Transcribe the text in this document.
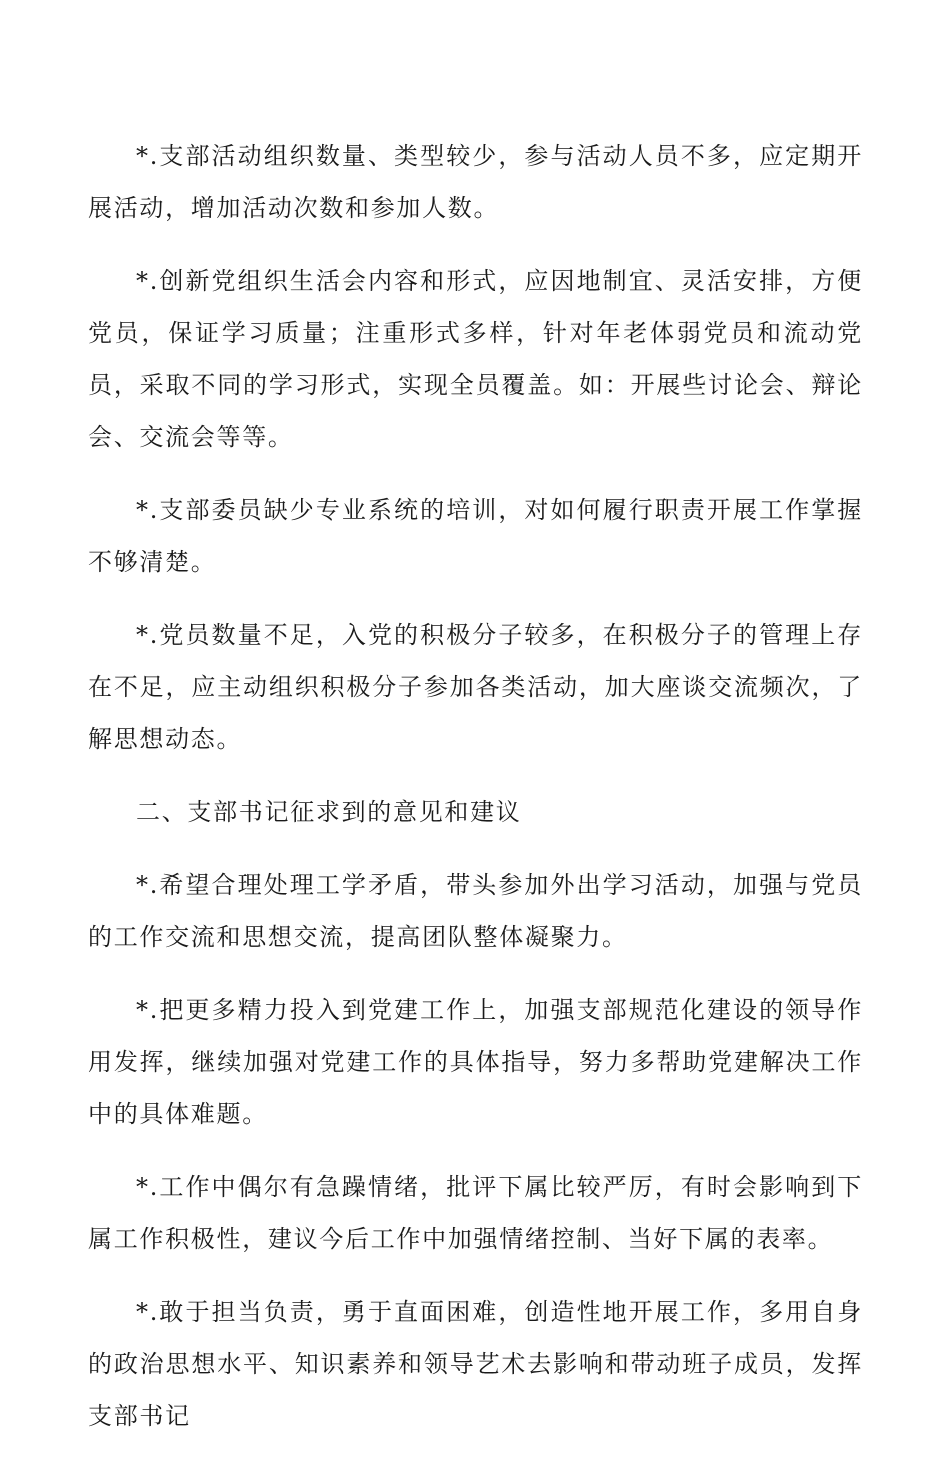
*.支部活动组织数量、类型较少，参与活动人员不多，应定期开展活动，增加活动次数和参加人数。

*.创新党组织生活会内容和形式，应因地制宜、灵活安排，方便党员，保证学习质量；注重形式多样，针对年老体弱党员和流动党员，采取不同的学习形式，实现全员覆盖。如：开展些讨论会、辩论会、交流会等等。

*.支部委员缺少专业系统的培训，对如何履行职责开展工作掌握不够清楚。

*.党员数量不足，入党的积极分子较多，在积极分子的管理上存在不足，应主动组织积极分子参加各类活动，加大座谈交流频次，了解思想动态。

二、支部书记征求到的意见和建议

*.希望合理处理工学矛盾，带头参加外出学习活动，加强与党员的工作交流和思想交流，提高团队整体凝聚力。

*.把更多精力投入到党建工作上，加强支部规范化建设的领导作用发挥，继续加强对党建工作的具体指导，努力多帮助党建解决工作中的具体难题。

*.工作中偶尔有急躁情绪，批评下属比较严厉，有时会影响到下属工作积极性，建议今后工作中加强情绪控制、当好下属的表率。

*.敢于担当负责，勇于直面困难，创造性地开展工作，多用自身的政治思想水平、知识素养和领导艺术去影响和带动班子成员，发挥支部书记
